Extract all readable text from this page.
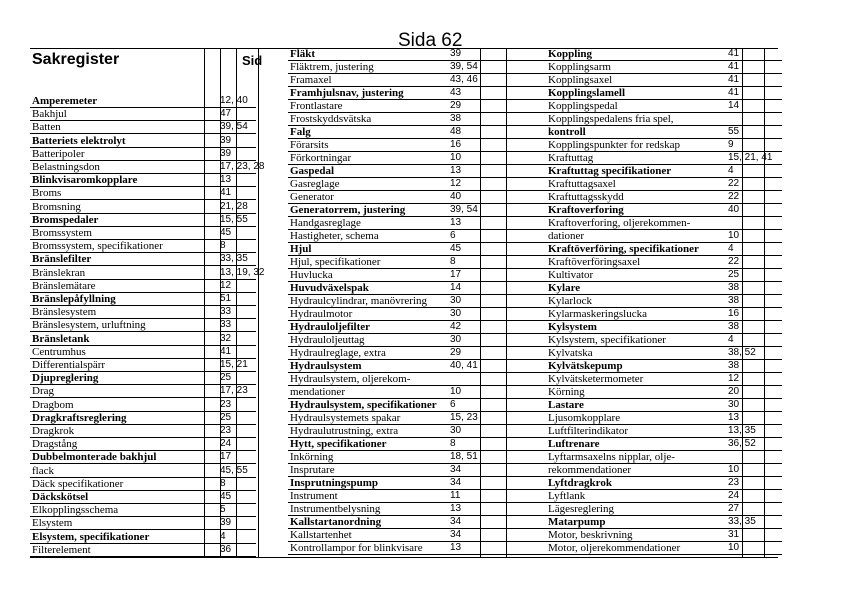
Sida 62
Sakregister	Sid
Amperemeter	12, 40
Bakhjul	47
Batten	39, 54
Batteriets elektrolyt	39
Batteripoler	39
Belastningsdon	17, 23, 28
Blinkvisaromkopplare	13
Broms	41
Bromsning	21, 28
Bromspedaler	15, 55
Bromssystem	45
Bromssystem, specifikationer	8
Bränslefilter	33, 35
Bränslekran	13, 19, 32
Bränslemätare	12
Bränslepåfyllning	51
Bränslesystem	33
Bränslesystem, urluftning	33
Bränsletank	32
Centrumhus	41
Differentialspärr	15, 21
Djupreglering	25
Drag	17, 23
Dragbom	23
Dragkraftsreglering	25
Dragkrok	23
Dragstång	24
Dubbelmonterade bakhjul	17
flack	45, 55
Däck specifikationer	8
Däckskötsel	45
Elkopplingsschema	5
Elsystem	39
Elsystem, specifikationer	4
Filterelement	36
Fläkt	39
Fläktrem, justering	39, 54
Framaxel	43, 46
Framhjulsnav, justering	43
Frontlastare	29
Frostskyddsvätska	38
Falg	48
Förarsits	16
Förkortningar	10
Gaspedal	13
Gasreglage	12
Generator	40
Generatorrem, justering	39, 54
Handgasreglage	13
Hastigheter, schema	6
Hjul	45
Hjul, specifikationer	8
Huvlucka	17
Huvudväxelspak	14
Hydraulcylindrar, manövrering 30
Hydraulmotor	30
Hydrauloljefilter	42
Hydrauloljeuttag	30
Hydraulreglage, extra	29
Hydraulsystem	40, 41
Hydraulsystem, oljerekom-
mendationer	10
Hydraulsystem, specifikationer 6
Hydraulsystemets spakar	15, 23
Hydraulutrustning, extra	30
Hytt, specifikationer	8
Inkörning	18, 51
Insprutare	34
Insprutningspump	34
Instrument	11
Instrumentbelysning	13
Kallstartanordning	34
Kallstartenhet	34
Kontrollampor for blinkvisare	13
Koppling	41
Kopplingsarm	41
Kopplingsaxel	41
Kopplingslamell	41
Kopplingspedal	14
Kopplingspedalens fria spel,
kontroll	55
Kopplingspunkter for redskap	9
Kraftuttag	15, 21, 41
Kraftuttag specifikationer	4
Kraftuttagsaxel	22
Kraftuttagsskydd	22
Kraftoverforing	40
Kraftoverforing, oljerekommen-
dationer	10
Kraftöverföring, specifikationer	4
Kraftöverföringsaxel	22
Kultivator	25
Kylare	38
Kylarlock	38
Kylarmaskeringslucka	16
Kylsystem	38
Kylsystem, specifikationer	4
Kylvatska	38, 52
Kylvätskepump	38
Kylvätsketermometer	12
Körning	20
Lastare	30
Ljusomkopplare	13
Luftfilterindikator	13, 35
Luftrenare	36, 52
Lyftarmsaxelns nipplar, olje-
rekommendationer	10
Lyftdragkrok	23
Lyftlank	24
Lägesreglering	27
Matarpump	33, 35
Motor, beskrivning	31
Motor, oljerekommendationer	10
